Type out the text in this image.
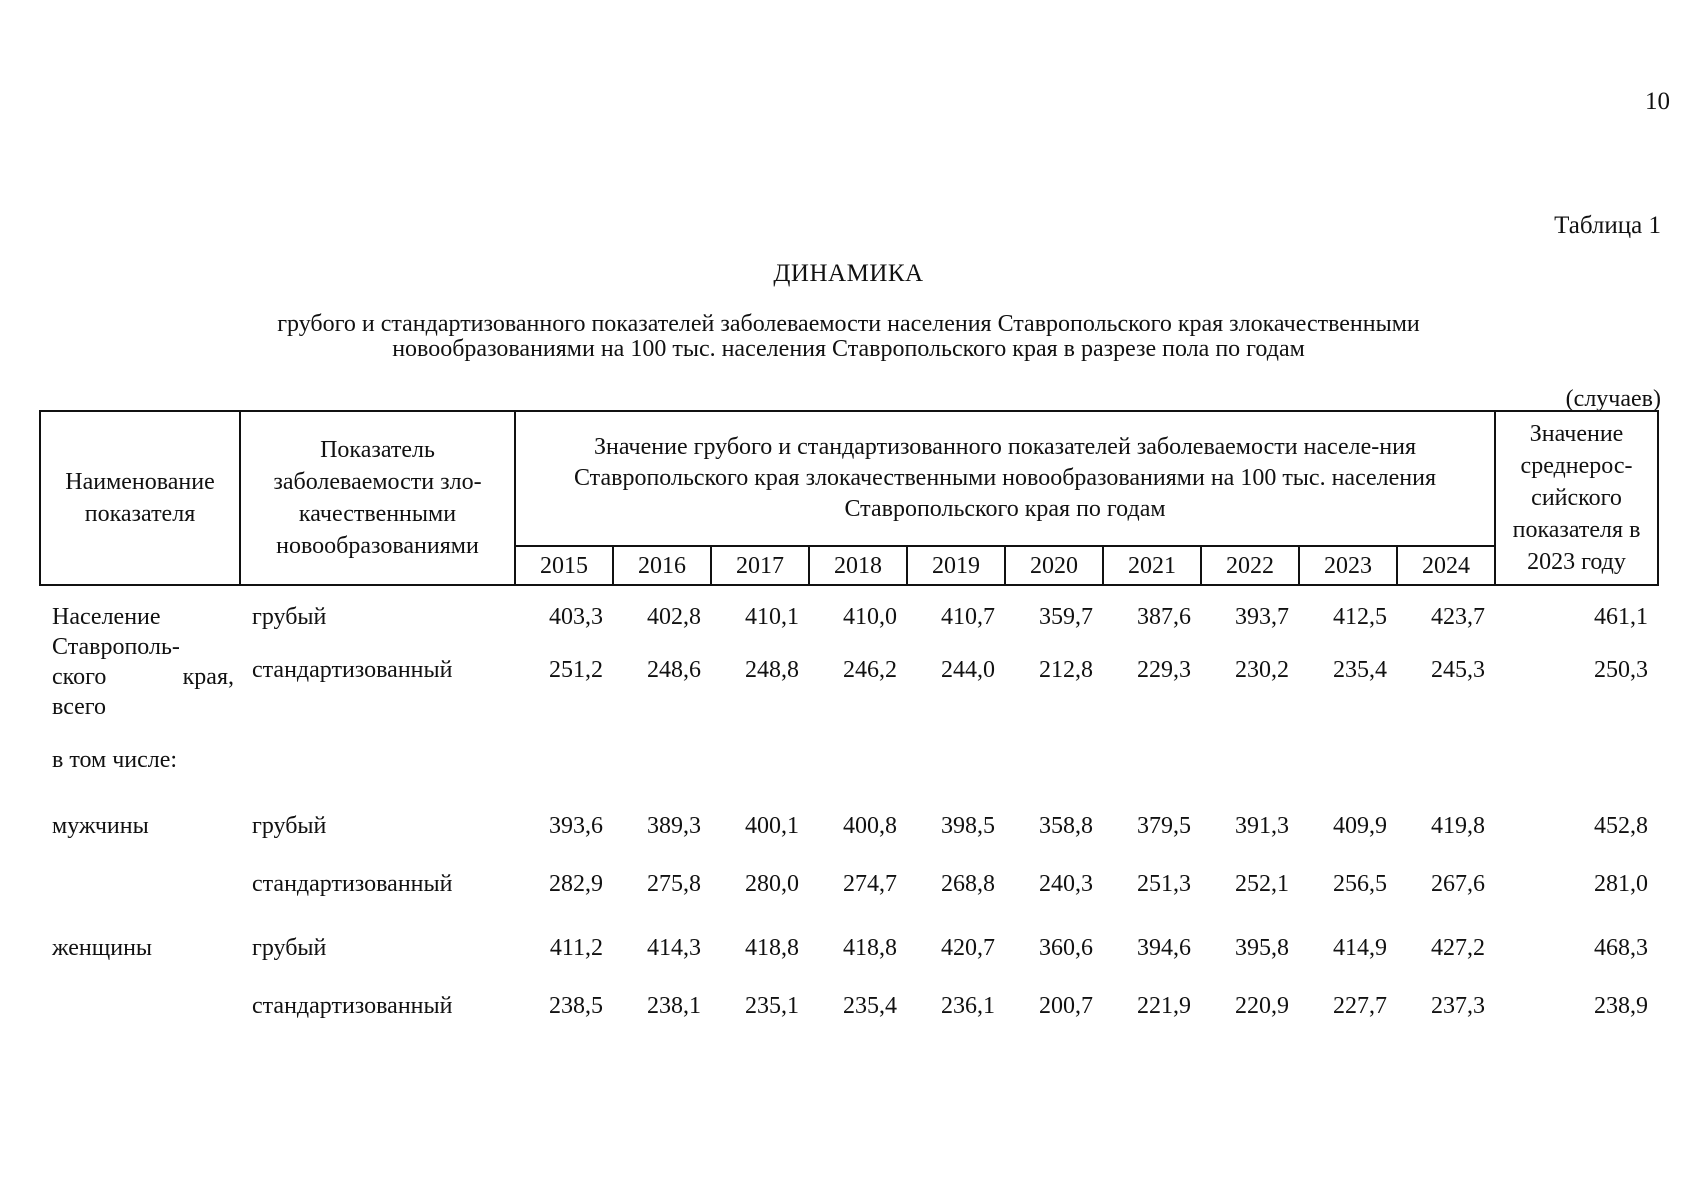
10
Таблица 1
ДИНАМИКА
грубого и стандартизованного показателей заболеваемости населения Ставропольского края злокачественными
новообразованиями на 100 тыс. населения Ставропольского края в разрезе пола по годам
(случаев)
Наименование показателя	Показатель заболеваемости зло-качественными новообразованиями	Значение грубого и стандартизованного показателей заболеваемости населе-ния Ставропольского края злокачественными новообразованиями на 100 тыс. населения Ставропольского края по годам										Значение среднерос-сийского показателя в 2023 году
		2015	2016	2017	2018	2019	2020	2021	2022	2023	2024	

Население Ставрополь-
ского края,
всего	грубый	403,3	402,8	410,1	410,0	410,7	359,7	387,6	393,7	412,5	423,7	461,1
	стандартизованный	251,2	248,6	248,8	246,2	244,0	212,8	229,3	230,2	235,4	245,3	250,3
в том числе:												
мужчины	грубый	393,6	389,3	400,1	400,8	398,5	358,8	379,5	391,3	409,9	419,8	452,8
	стандартизованный	282,9	275,8	280,0	274,7	268,8	240,3	251,3	252,1	256,5	267,6	281,0
женщины	грубый	411,2	414,3	418,8	418,8	420,7	360,6	394,6	395,8	414,9	427,2	468,3
	стандартизованный	238,5	238,1	235,1	235,4	236,1	200,7	221,9	220,9	227,7	237,3	238,9
